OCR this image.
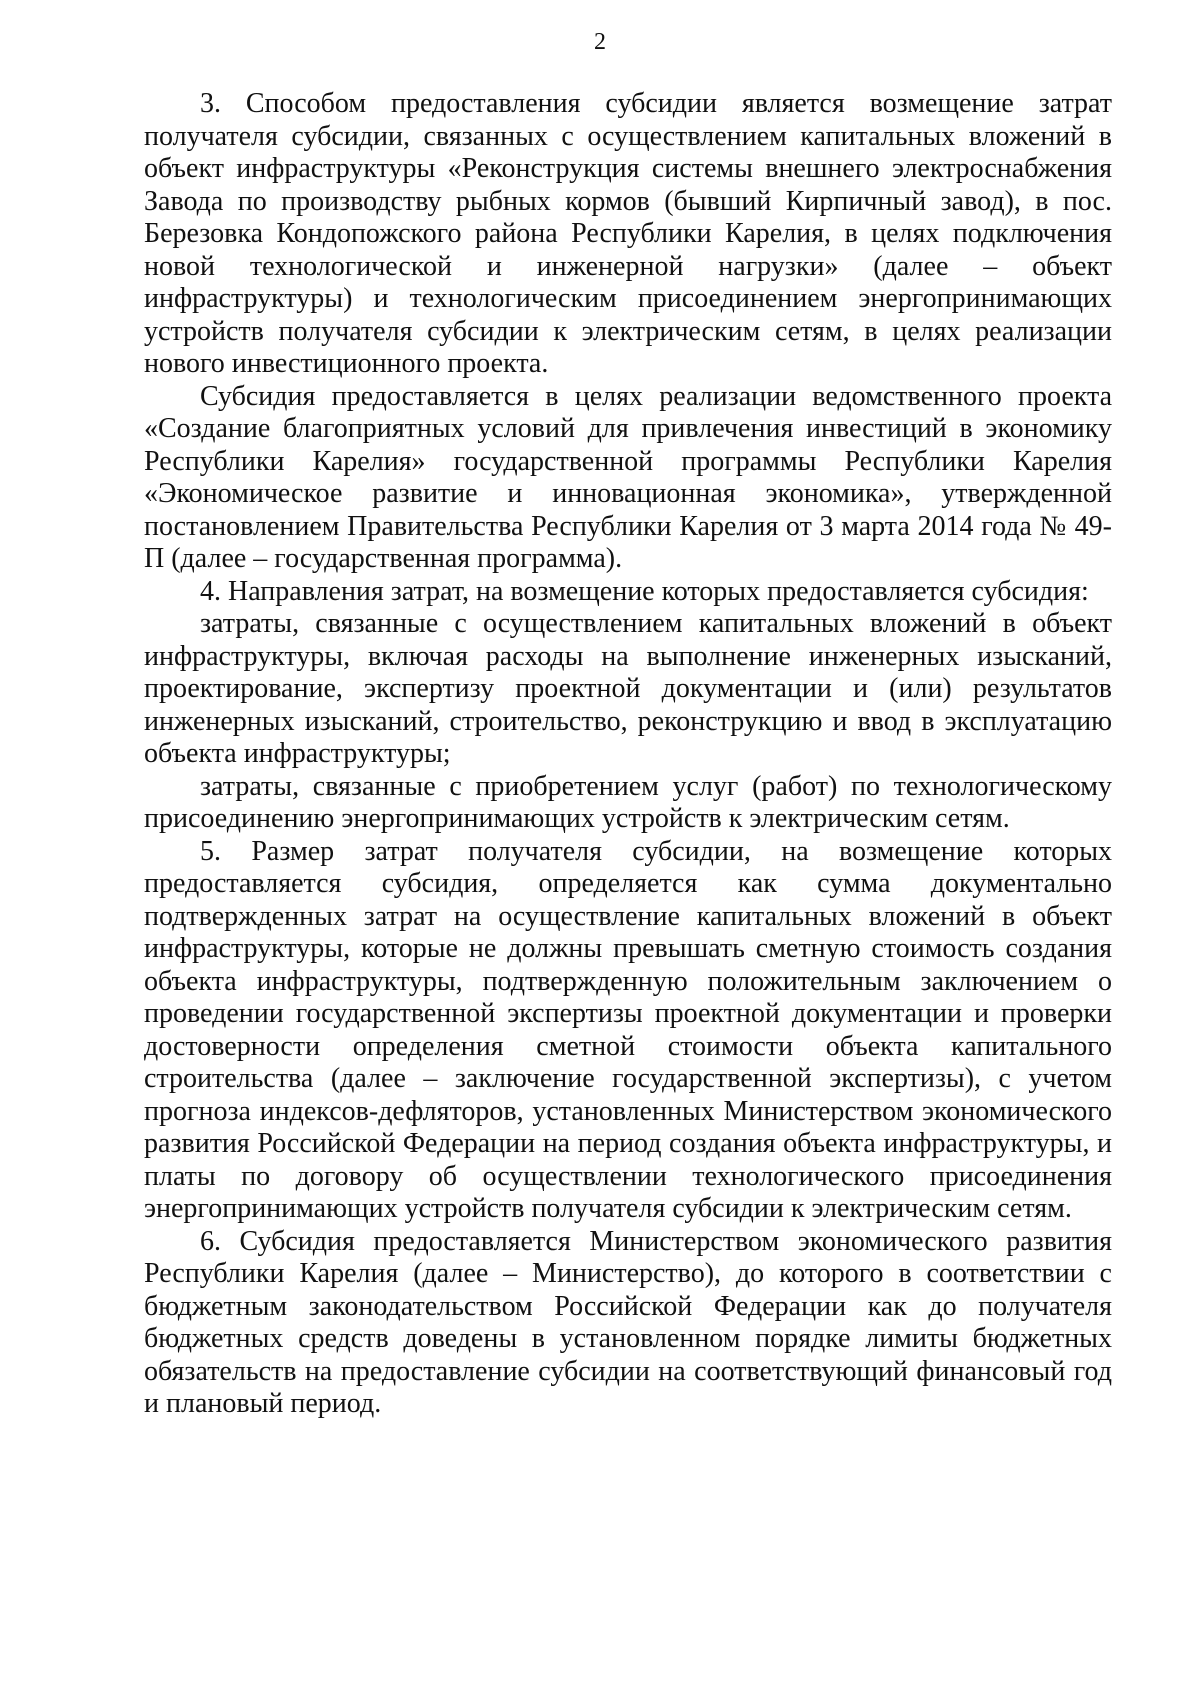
2

3. Способом предоставления субсидии является возмещение затрат получателя субсидии, связанных с осуществлением капитальных вложений в объект инфраструктуры «Реконструкция системы внешнего электроснабжения Завода по производству рыбных кормов (бывший Кирпичный завод), в пос. Березовка Кондопожского района Республики Карелия, в целях подключения новой технологической и инженерной нагрузки» (далее – объект инфраструктуры) и технологическим присоединением энергопринимающих устройств получателя субсидии к электрическим сетям, в целях реализации нового инвестиционного проекта.

Субсидия предоставляется в целях реализации ведомственного проекта «Создание благоприятных условий для привлечения инвестиций в экономику Республики Карелия» государственной программы Республики Карелия «Экономическое развитие и инновационная экономика», утвержденной постановлением Правительства Республики Карелия от 3 марта 2014 года № 49-П (далее – государственная программа).

4. Направления затрат, на возмещение которых предоставляется субсидия:

затраты, связанные с осуществлением капитальных вложений в объект инфраструктуры, включая расходы на выполнение инженерных изысканий, проектирование, экспертизу проектной документации и (или) результатов инженерных изысканий, строительство, реконструкцию и ввод в эксплуатацию объекта инфраструктуры;

затраты, связанные с приобретением услуг (работ) по технологическому присоединению энергопринимающих устройств к электрическим сетям.

5. Размер затрат получателя субсидии, на возмещение которых предоставляется субсидия, определяется как сумма документально подтвержденных затрат на осуществление капитальных вложений в объект инфраструктуры, которые не должны превышать сметную стоимость создания объекта инфраструктуры, подтвержденную положительным заключением о проведении государственной экспертизы проектной документации и проверки достоверности определения сметной стоимости объекта капитального строительства (далее – заключение государственной экспертизы), с учетом прогноза индексов-дефляторов, установленных Министерством экономического развития Российской Федерации на период создания объекта инфраструктуры, и платы по договору об осуществлении технологического присоединения энергопринимающих устройств получателя субсидии к электрическим сетям.

6. Субсидия предоставляется Министерством экономического развития Республики Карелия (далее – Министерство), до которого в соответствии с бюджетным законодательством Российской Федерации как до получателя бюджетных средств доведены в установленном порядке лимиты бюджетных обязательств на предоставление субсидии на соответствующий финансовый год и плановый период.
